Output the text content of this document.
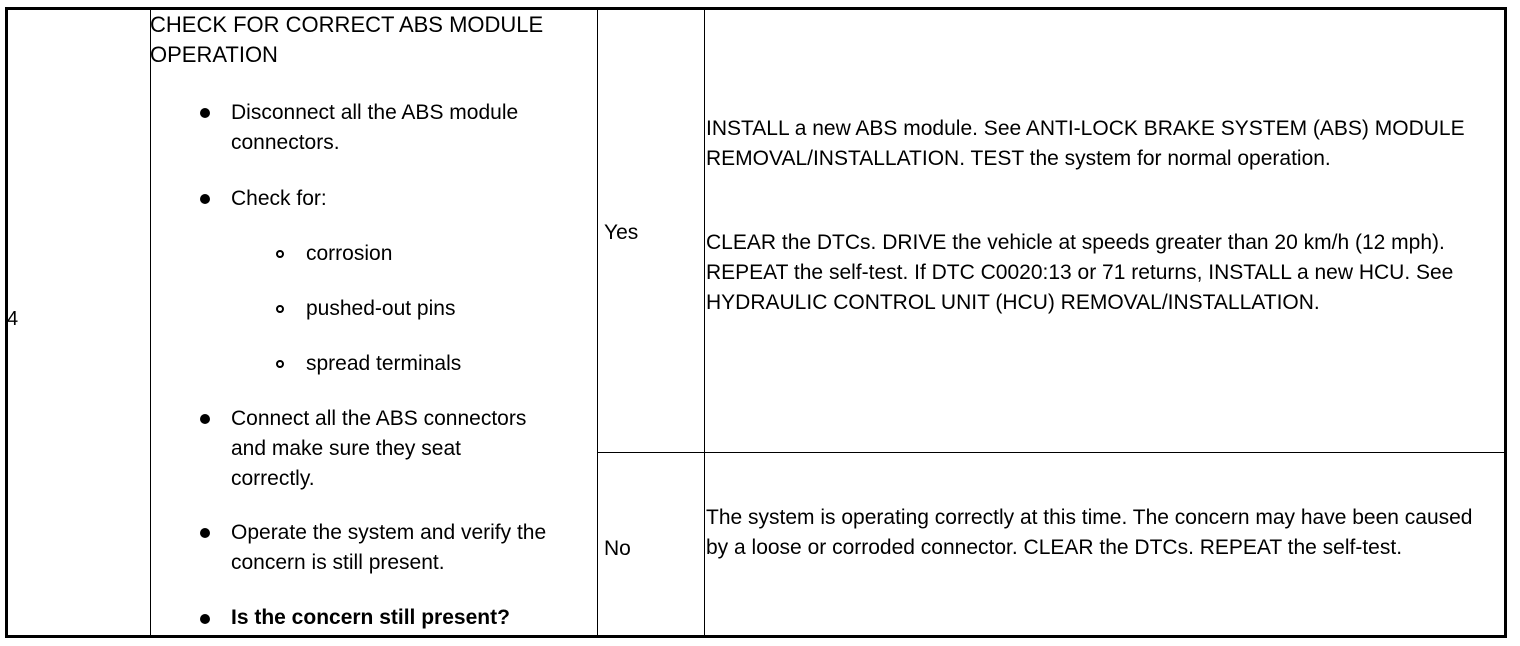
4
CHECK FOR CORRECT ABS MODULE OPERATION
Disconnect all the ABS module connectors.
Check for:
corrosion
pushed-out pins
spread terminals
Connect all the ABS connectors and make sure they seat correctly.
Operate the system and verify the concern is still present.
Is the concern still present?
Yes
No
INSTALL a new ABS module. See ANTI-LOCK BRAKE SYSTEM (ABS) MODULE REMOVAL/INSTALLATION. TEST the system for normal operation.
CLEAR the DTCs. DRIVE the vehicle at speeds greater than 20 km/h (12 mph). REPEAT the self-test. If DTC C0020:13 or 71 returns, INSTALL a new HCU. See HYDRAULIC CONTROL UNIT (HCU) REMOVAL/INSTALLATION.
The system is operating correctly at this time. The concern may have been caused by a loose or corroded connector. CLEAR the DTCs. REPEAT the self-test.
